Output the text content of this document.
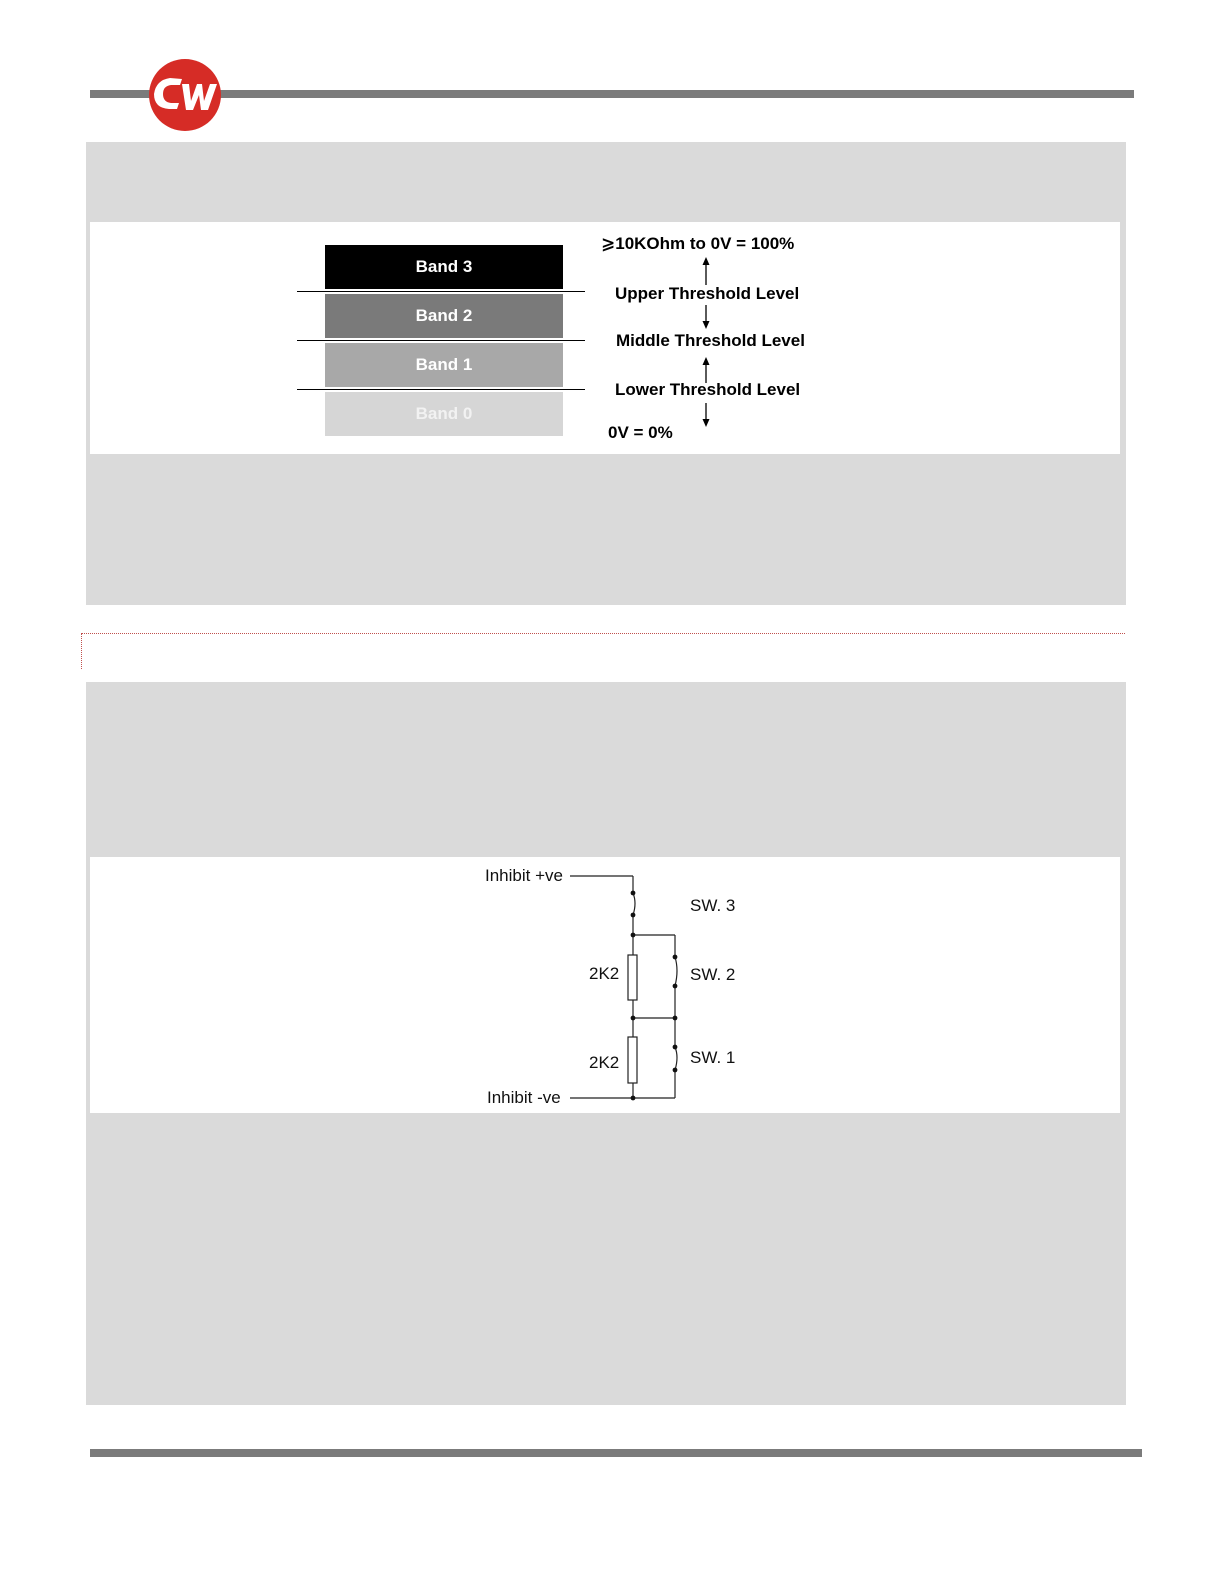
Band 3
Band 2
Band 1
Band 0
⩾10KOhm to 0V = 100%
Upper Threshold Level
Middle Threshold Level
Lower Threshold Level
0V = 0%
Inhibit +ve
Inhibit -ve
SW. 3
SW. 2
SW. 1
2K2
2K2
